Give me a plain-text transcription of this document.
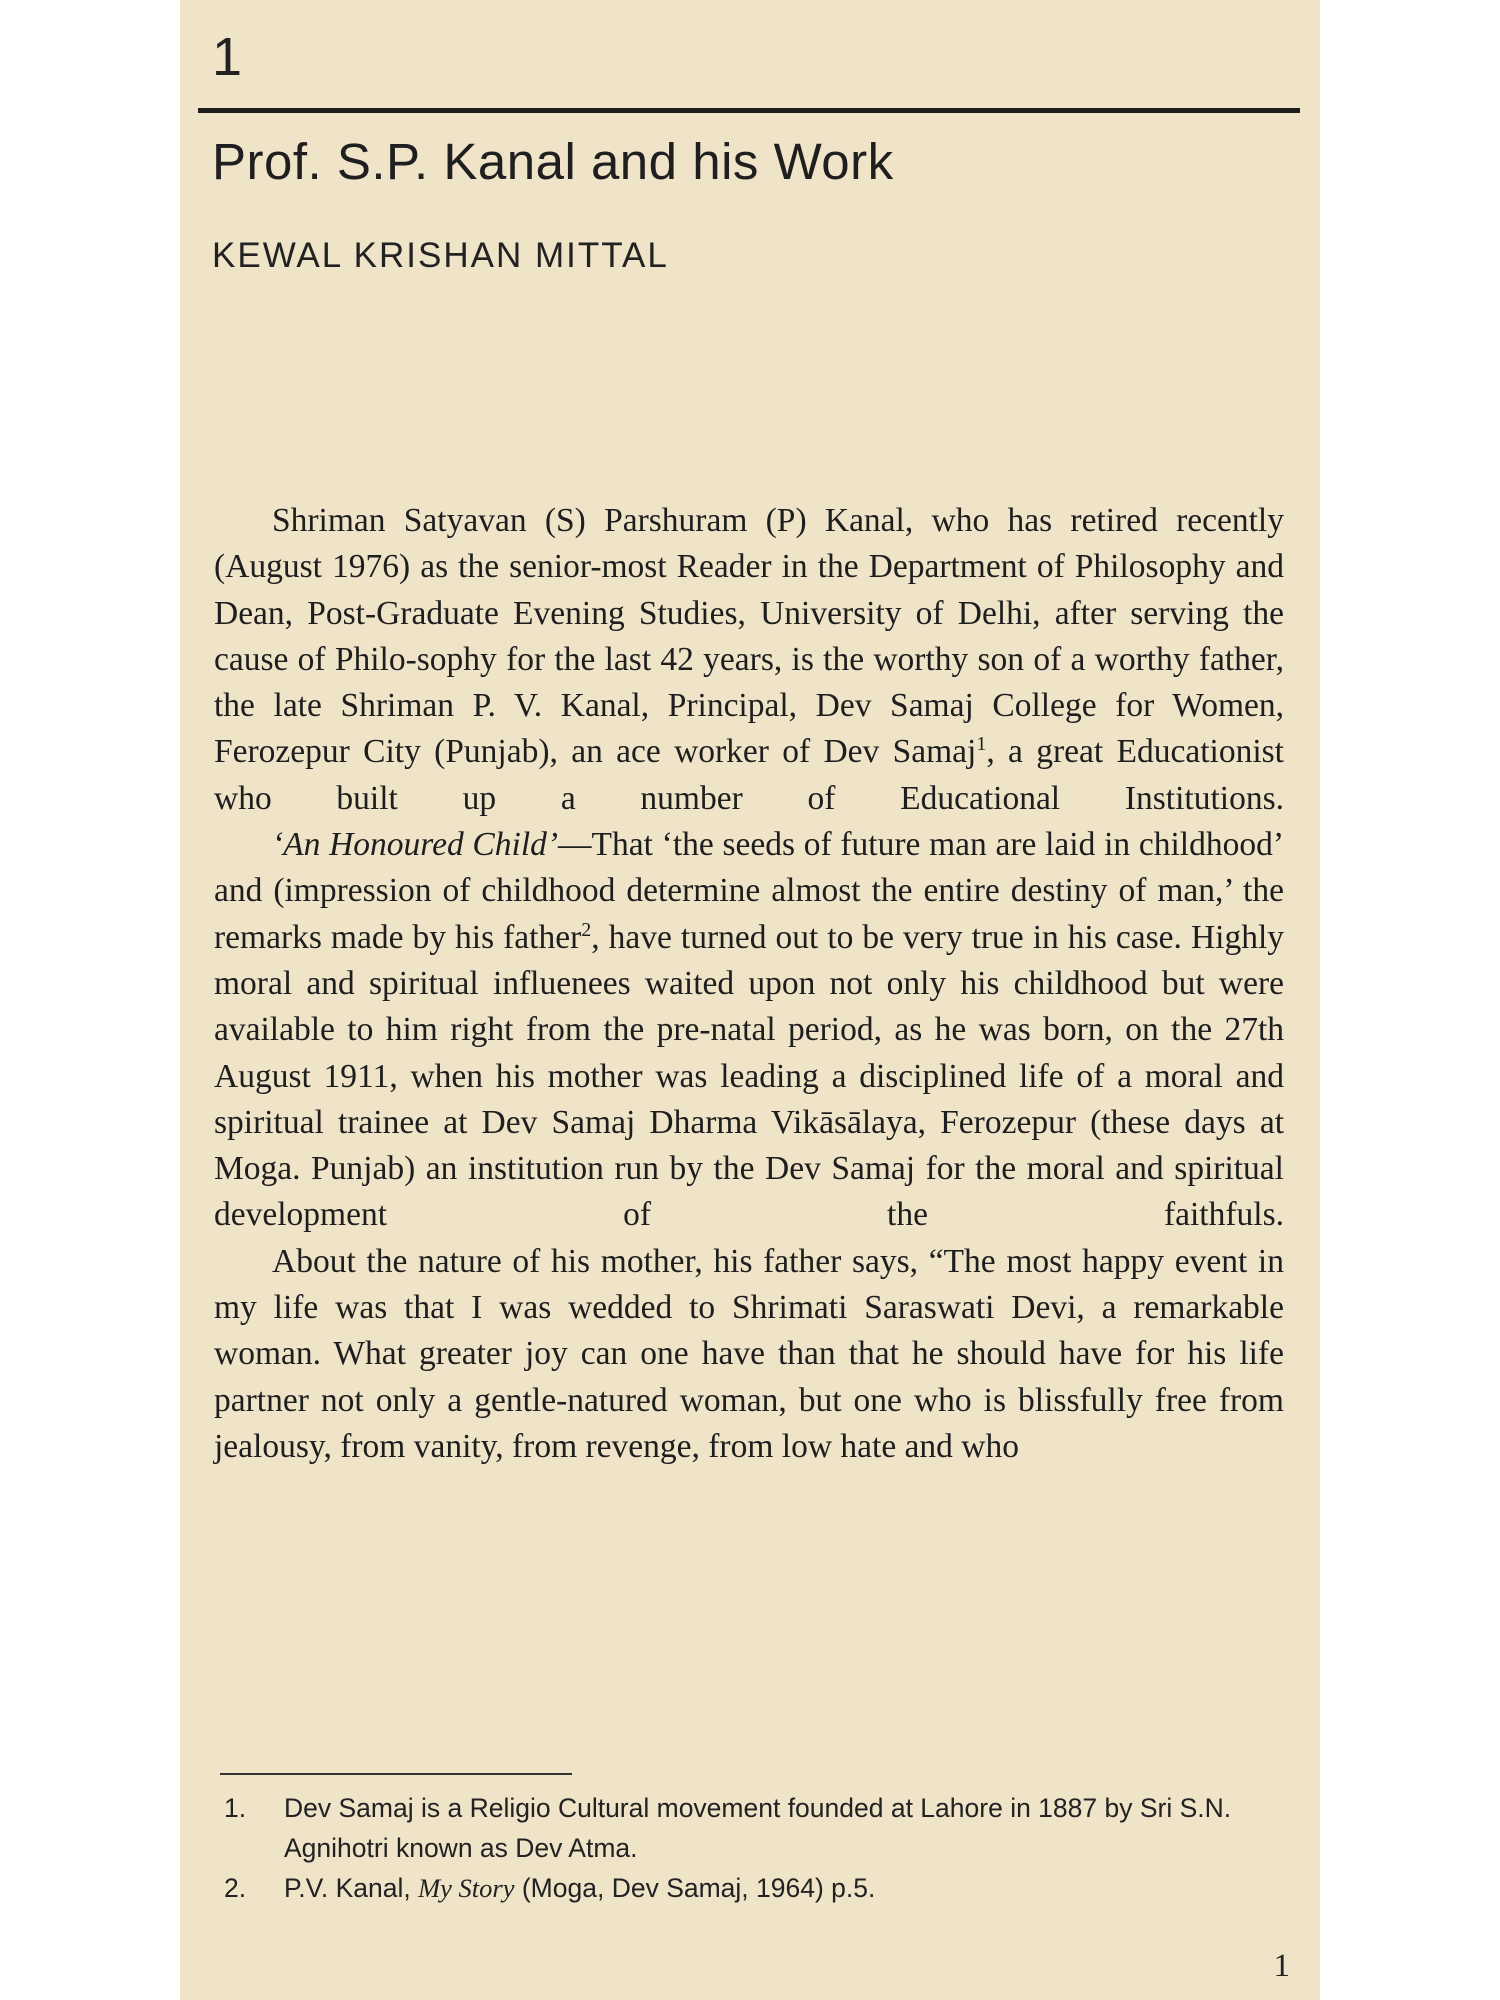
1
Prof. S.P. Kanal and his Work
KEWAL KRISHAN MITTAL

Shriman Satyavan (S) Parshuram (P) Kanal, who has retired recently (August 1976) as the senior-most Reader in the Department of Philosophy and Dean, Post-Graduate Evening Studies, University of Delhi, after serving the cause of Philo-sophy for the last 42 years, is the worthy son of a worthy father, the late Shriman P. V. Kanal, Principal, Dev Samaj College for Women, Ferozepur City (Punjab), an ace worker of Dev Samaj$^1$, a great Educationist who built up a number of Educational Institutions.

‘An Honoured Child’—That ‘the seeds of future man are laid in childhood’ and (impression of childhood determine almost the entire destiny of man,’ the remarks made by his father$^2$, have turned out to be very true in his case. Highly moral and spiritual influenees waited upon not only his childhood but were available to him right from the pre-natal period, as he was born, on the 27th August 1911, when his mother was leading a disciplined life of a moral and spiritual trainee at Dev Samaj Dharma Vikāsālaya, Ferozepur (these days at Moga. Punjab) an institution run by the Dev Samaj for the moral and spiritual development of the faithfuls.

About the nature of his mother, his father says, “The most happy event in my life was that I was wedded to Shrimati Saraswati Devi, a remarkable woman. What greater joy can one have than that he should have for his life partner not only a gentle-natured woman, but one who is blissfully free from jealousy, from vanity, from revenge, from low hate and who

1. Dev Samaj is a Religio Cultural movement founded at Lahore in 1887 by Sri S.N. Agnihotri known as Dev Atma.
2. P.V. Kanal, My Story (Moga, Dev Samaj, 1964) p.5.
1
